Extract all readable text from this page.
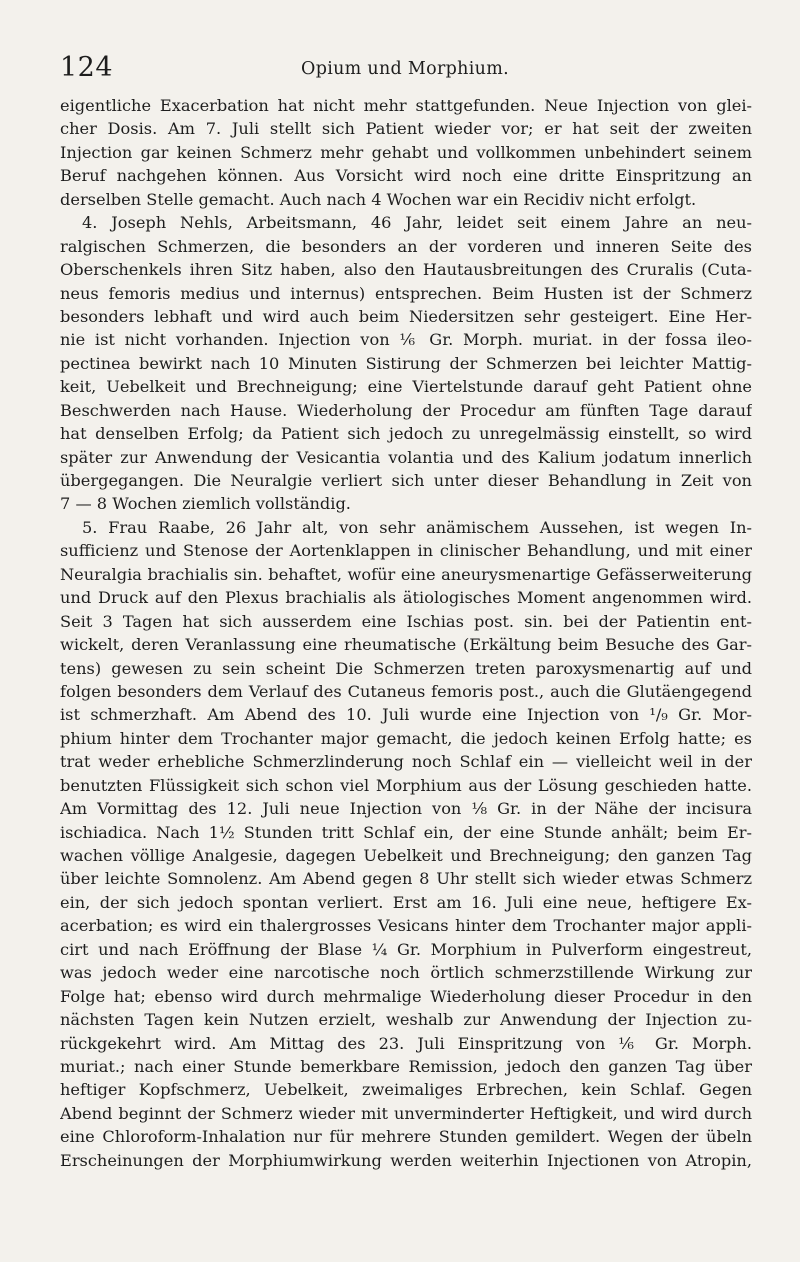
124	Opium und Morphium.
eigentliche Exacerbation hat nicht mehr stattgefunden. Neue Injection von glei-
cher Dosis. Am 7. Juli stellt sich Patient wieder vor; er hat seit der zweiten
Injection gar keinen Schmerz mehr gehabt und vollkommen unbehindert seinem
Beruf nachgehen können. Aus Vorsicht wird noch eine dritte Einspritzung an
derselben Stelle gemacht. Auch nach 4 Wochen war ein Recidiv nicht erfolgt.
4. Joseph Nehls, Arbeitsmann, 46 Jahr, leidet seit einem Jahre an neu-
ralgischen Schmerzen, die besonders an der vorderen und inneren Seite des
Oberschenkels ihren Sitz haben, also den Hautausbreitungen des Cruralis (Cuta-
neus femoris medius und internus) entsprechen. Beim Husten ist der Schmerz
besonders lebhaft und wird auch beim Niedersitzen sehr gesteigert. Eine Her-
nie ist nicht vorhanden. Injection von ⅙ Gr. Morph. muriat. in der fossa ileo-
pectinea bewirkt nach 10 Minuten Sistirung der Schmerzen bei leichter Mattig-
keit, Uebelkeit und Brechneigung; eine Viertelstunde darauf geht Patient ohne
Beschwerden nach Hause. Wiederholung der Procedur am fünften Tage darauf
hat denselben Erfolg; da Patient sich jedoch zu unregelmässig einstellt, so wird
später zur Anwendung der Vesicantia volantia und des Kalium jodatum innerlich
übergegangen. Die Neuralgie verliert sich unter dieser Behandlung in Zeit von
7 — 8 Wochen ziemlich vollständig.
5. Frau Raabe, 26 Jahr alt, von sehr anämischem Aussehen, ist wegen In-
sufficienz und Stenose der Aortenklappen in clinischer Behandlung, und mit einer
Neuralgia brachialis sin. behaftet, wofür eine aneurysmenartige Gefässerweiterung
und Druck auf den Plexus brachialis als ätiologisches Moment angenommen wird.
Seit 3 Tagen hat sich ausserdem eine Ischias post. sin. bei der Patientin ent-
wickelt, deren Veranlassung eine rheumatische (Erkältung beim Besuche des Gar-
tens) gewesen zu sein scheint Die Schmerzen treten paroxysmenartig auf und
folgen besonders dem Verlauf des Cutaneus femoris post., auch die Glutäengegend
ist schmerzhaft. Am Abend des 10. Juli wurde eine Injection von ¹/₉ Gr. Mor-
phium hinter dem Trochanter major gemacht, die jedoch keinen Erfolg hatte; es
trat weder erhebliche Schmerzlinderung noch Schlaf ein — vielleicht weil in der
benutzten Flüssigkeit sich schon viel Morphium aus der Lösung geschieden hatte.
Am Vormittag des 12. Juli neue Injection von ⅛ Gr. in der Nähe der incisura
ischiadica. Nach 1½ Stunden tritt Schlaf ein, der eine Stunde anhält; beim Er-
wachen völlige Analgesie, dagegen Uebelkeit und Brechneigung; den ganzen Tag
über leichte Somnolenz. Am Abend gegen 8 Uhr stellt sich wieder etwas Schmerz
ein, der sich jedoch spontan verliert. Erst am 16. Juli eine neue, heftigere Ex-
acerbation; es wird ein thalergrosses Vesicans hinter dem Trochanter major appli-
cirt und nach Eröffnung der Blase ¼ Gr. Morphium in Pulverform eingestreut,
was jedoch weder eine narcotische noch örtlich schmerzstillende Wirkung zur
Folge hat; ebenso wird durch mehrmalige Wiederholung dieser Procedur in den
nächsten Tagen kein Nutzen erzielt, weshalb zur Anwendung der Injection zu-
rückgekehrt wird. Am Mittag des 23. Juli Einspritzung von ⅙ Gr. Morph.
muriat.; nach einer Stunde bemerkbare Remission, jedoch den ganzen Tag über
heftiger Kopfschmerz, Uebelkeit, zweimaliges Erbrechen, kein Schlaf. Gegen
Abend beginnt der Schmerz wieder mit unverminderter Heftigkeit, und wird durch
eine Chloroform-Inhalation nur für mehrere Stunden gemildert. Wegen der übeln
Erscheinungen der Morphiumwirkung werden weiterhin Injectionen von Atropin,
